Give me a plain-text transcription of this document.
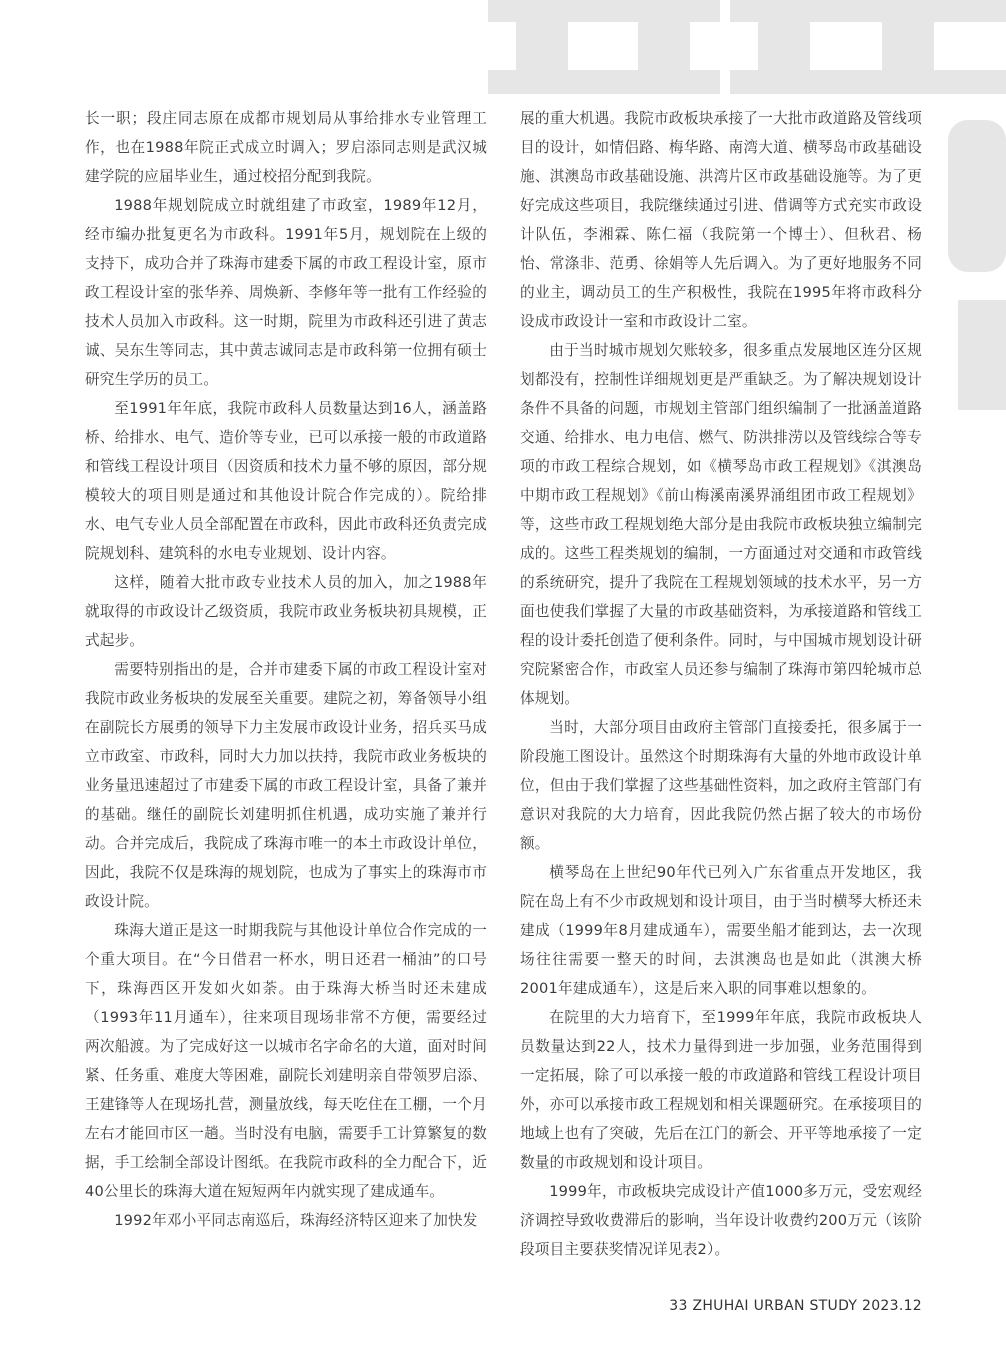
长一职；段庄同志原在成都市规划局从事给排水专业管理工作，也在1988年院正式成立时调入；罗启添同志则是武汉城建学院的应届毕业生，通过校招分配到我院。

1988年规划院成立时就组建了市政室，1989年12月，经市编办批复更名为市政科。1991年5月，规划院在上级的支持下，成功合并了珠海市建委下属的市政工程设计室，原市政工程设计室的张华养、周焕新、李修年等一批有工作经验的技术人员加入市政科。这一时期，院里为市政科还引进了黄志诚、吴东生等同志，其中黄志诚同志是市政科第一位拥有硕士研究生学历的员工。

至1991年年底，我院市政科人员数量达到16人，涵盖路桥、给排水、电气、造价等专业，已可以承接一般的市政道路和管线工程设计项目（因资质和技术力量不够的原因，部分规模较大的项目则是通过和其他设计院合作完成的）。院给排水、电气专业人员全部配置在市政科，因此市政科还负责完成院规划科、建筑科的水电专业规划、设计内容。

这样，随着大批市政专业技术人员的加入，加之1988年就取得的市政设计乙级资质，我院市政业务板块初具规模，正式起步。

需要特别指出的是，合并市建委下属的市政工程设计室对我院市政业务板块的发展至关重要。建院之初，筹备领导小组在副院长方展勇的领导下力主发展市政设计业务，招兵买马成立市政室、市政科，同时大力加以扶持，我院市政业务板块的业务量迅速超过了市建委下属的市政工程设计室，具备了兼并的基础。继任的副院长刘建明抓住机遇，成功实施了兼并行动。合并完成后，我院成了珠海市唯一的本土市政设计单位，因此，我院不仅是珠海的规划院，也成为了事实上的珠海市市政设计院。

珠海大道正是这一时期我院与其他设计单位合作完成的一个重大项目。在“今日借君一杯水，明日还君一桶油”的口号下，珠海西区开发如火如荼。由于珠海大桥当时还未建成（1993年11月通车），往来项目现场非常不方便，需要经过两次船渡。为了完成好这一以城市名字命名的大道，面对时间紧、任务重、难度大等困难，副院长刘建明亲自带领罗启添、王建锋等人在现场扎营，测量放线，每天吃住在工棚，一个月左右才能回市区一趟。当时没有电脑，需要手工计算繁复的数据，手工绘制全部设计图纸。在我院市政科的全力配合下，近40公里长的珠海大道在短短两年内就实现了建成通车。

1992年邓小平同志南巡后，珠海经济特区迎来了加快发

展的重大机遇。我院市政板块承接了一大批市政道路及管线项目的设计，如情侣路、梅华路、南湾大道、横琴岛市政基础设施、淇澳岛市政基础设施、洪湾片区市政基础设施等。为了更好完成这些项目，我院继续通过引进、借调等方式充实市政设计队伍，李湘霖、陈仁福（我院第一个博士）、但秋君、杨怡、常涤非、范勇、徐娟等人先后调入。为了更好地服务不同的业主，调动员工的生产积极性，我院在1995年将市政科分设成市政设计一室和市政设计二室。

由于当时城市规划欠账较多，很多重点发展地区连分区规划都没有，控制性详细规划更是严重缺乏。为了解决规划设计条件不具备的问题，市规划主管部门组织编制了一批涵盖道路交通、给排水、电力电信、燃气、防洪排涝以及管线综合等专项的市政工程综合规划，如《横琴岛市政工程规划》《淇澳岛中期市政工程规划》《前山梅溪南溪界涌组团市政工程规划》等，这些市政工程规划绝大部分是由我院市政板块独立编制完成的。这些工程类规划的编制，一方面通过对交通和市政管线的系统研究，提升了我院在工程规划领域的技术水平，另一方面也使我们掌握了大量的市政基础资料，为承接道路和管线工程的设计委托创造了便利条件。同时，与中国城市规划设计研究院紧密合作，市政室人员还参与编制了珠海市第四轮城市总体规划。

当时，大部分项目由政府主管部门直接委托，很多属于一阶段施工图设计。虽然这个时期珠海有大量的外地市政设计单位，但由于我们掌握了这些基础性资料，加之政府主管部门有意识对我院的大力培育，因此我院仍然占据了较大的市场份额。

横琴岛在上世纪90年代已列入广东省重点开发地区，我院在岛上有不少市政规划和设计项目，由于当时横琴大桥还未建成（1999年8月建成通车），需要坐船才能到达，去一次现场往往需要一整天的时间，去淇澳岛也是如此（淇澳大桥2001年建成通车），这是后来入职的同事难以想象的。

在院里的大力培育下，至1999年年底，我院市政板块人员数量达到22人，技术力量得到进一步加强，业务范围得到一定拓展，除了可以承接一般的市政道路和管线工程设计项目外，亦可以承接市政工程规划和相关课题研究。在承接项目的地域上也有了突破，先后在江门的新会、开平等地承接了一定数量的市政规划和设计项目。

1999年，市政板块完成设计产值1000多万元，受宏观经济调控导致收费滞后的影响，当年设计收费约200万元（该阶段项目主要获奖情况详见表2）。

33 ZHUHAI URBAN STUDY 2023.12
